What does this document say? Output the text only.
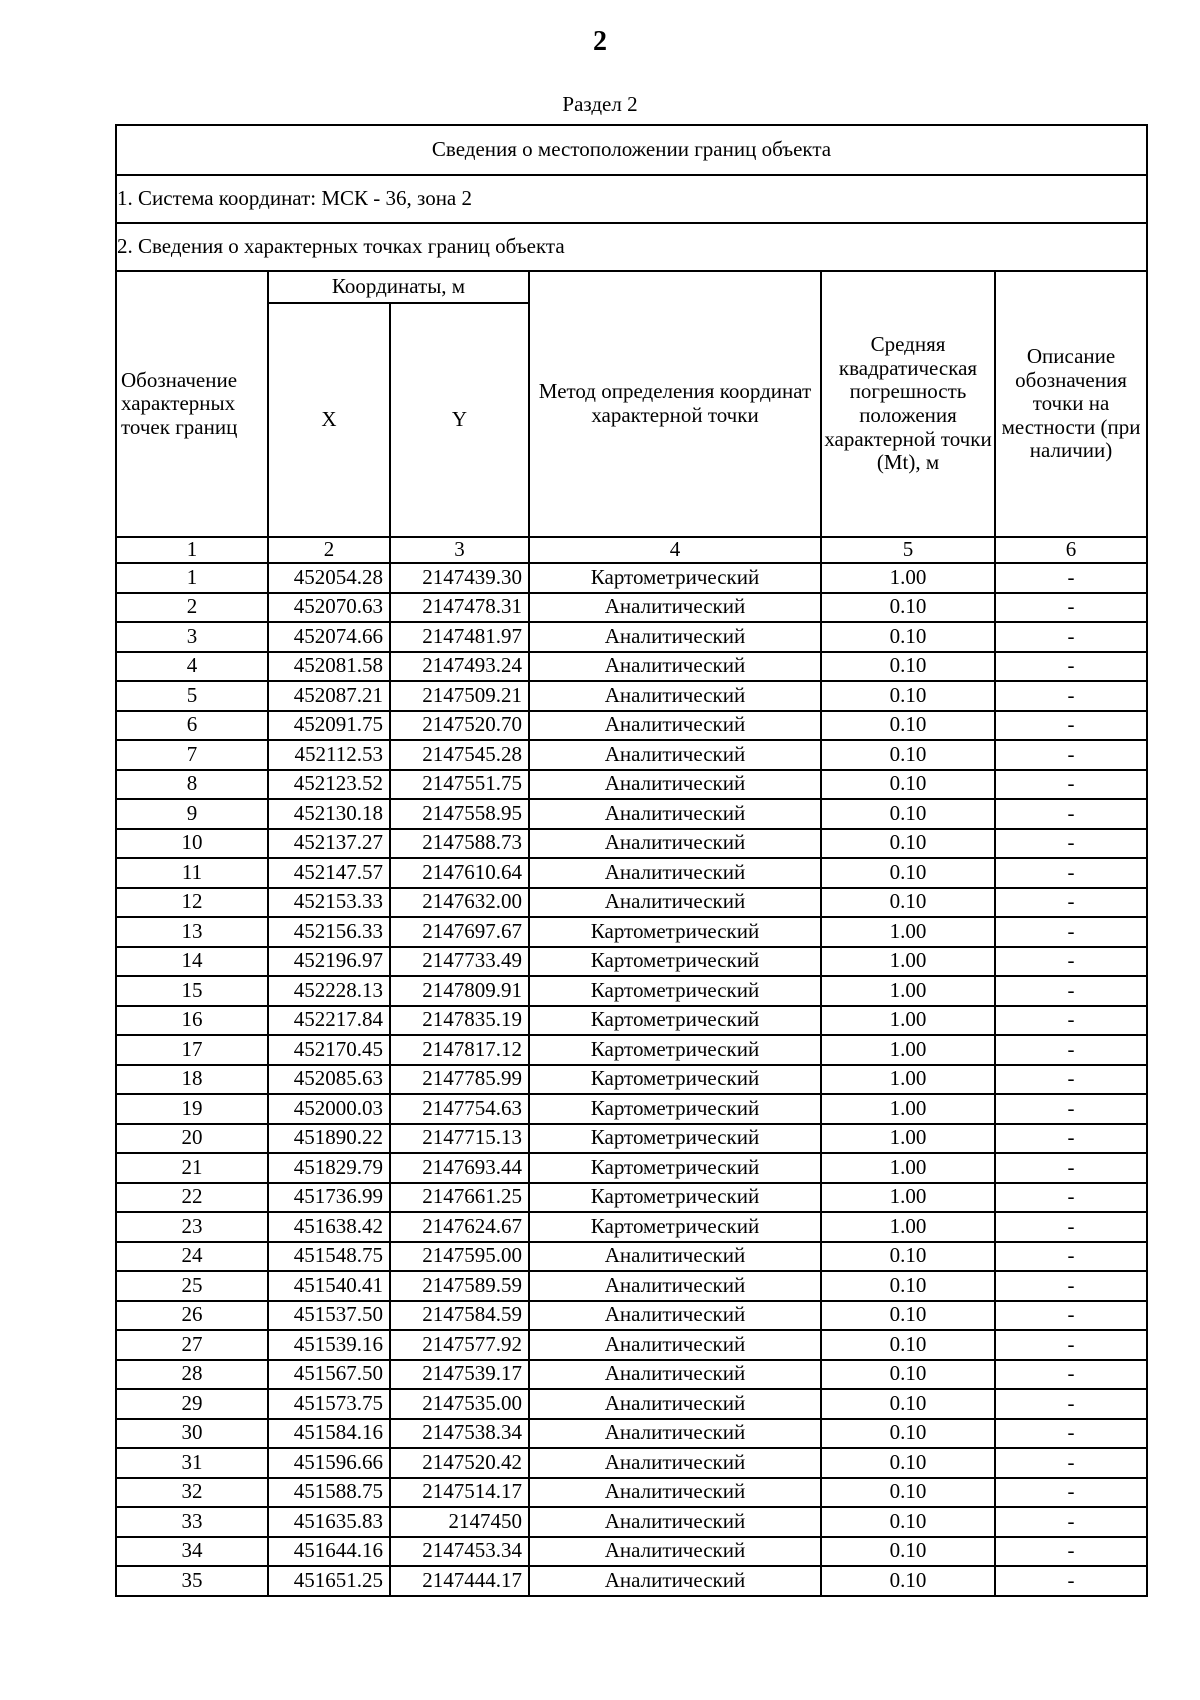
2
Раздел 2
Сведения о местоположении границ объекта					
1. Система координат: МСК - 36, зона 2					
2. Сведения о характерных точках границ объекта					
Обозначение характерных точек границ	Координаты, м		Метод определения координат характерной точки	Средняя квадратическая погрешность положения характерной точки (Mt), м	Описание обозначения точки на местности (при наличии)
	X	Y			
1	2	3	4	5	6
1	452054.28	2147439.30	Картометрический	1.00	-
2	452070.63	2147478.31	Аналитический	0.10	-
3	452074.66	2147481.97	Аналитический	0.10	-
4	452081.58	2147493.24	Аналитический	0.10	-
5	452087.21	2147509.21	Аналитический	0.10	-
6	452091.75	2147520.70	Аналитический	0.10	-
7	452112.53	2147545.28	Аналитический	0.10	-
8	452123.52	2147551.75	Аналитический	0.10	-
9	452130.18	2147558.95	Аналитический	0.10	-
10	452137.27	2147588.73	Аналитический	0.10	-
11	452147.57	2147610.64	Аналитический	0.10	-
12	452153.33	2147632.00	Аналитический	0.10	-
13	452156.33	2147697.67	Картометрический	1.00	-
14	452196.97	2147733.49	Картометрический	1.00	-
15	452228.13	2147809.91	Картометрический	1.00	-
16	452217.84	2147835.19	Картометрический	1.00	-
17	452170.45	2147817.12	Картометрический	1.00	-
18	452085.63	2147785.99	Картометрический	1.00	-
19	452000.03	2147754.63	Картометрический	1.00	-
20	451890.22	2147715.13	Картометрический	1.00	-
21	451829.79	2147693.44	Картометрический	1.00	-
22	451736.99	2147661.25	Картометрический	1.00	-
23	451638.42	2147624.67	Картометрический	1.00	-
24	451548.75	2147595.00	Аналитический	0.10	-
25	451540.41	2147589.59	Аналитический	0.10	-
26	451537.50	2147584.59	Аналитический	0.10	-
27	451539.16	2147577.92	Аналитический	0.10	-
28	451567.50	2147539.17	Аналитический	0.10	-
29	451573.75	2147535.00	Аналитический	0.10	-
30	451584.16	2147538.34	Аналитический	0.10	-
31	451596.66	2147520.42	Аналитический	0.10	-
32	451588.75	2147514.17	Аналитический	0.10	-
33	451635.83	2147450	Аналитический	0.10	-
34	451644.16	2147453.34	Аналитический	0.10	-
35	451651.25	2147444.17	Аналитический	0.10	-
